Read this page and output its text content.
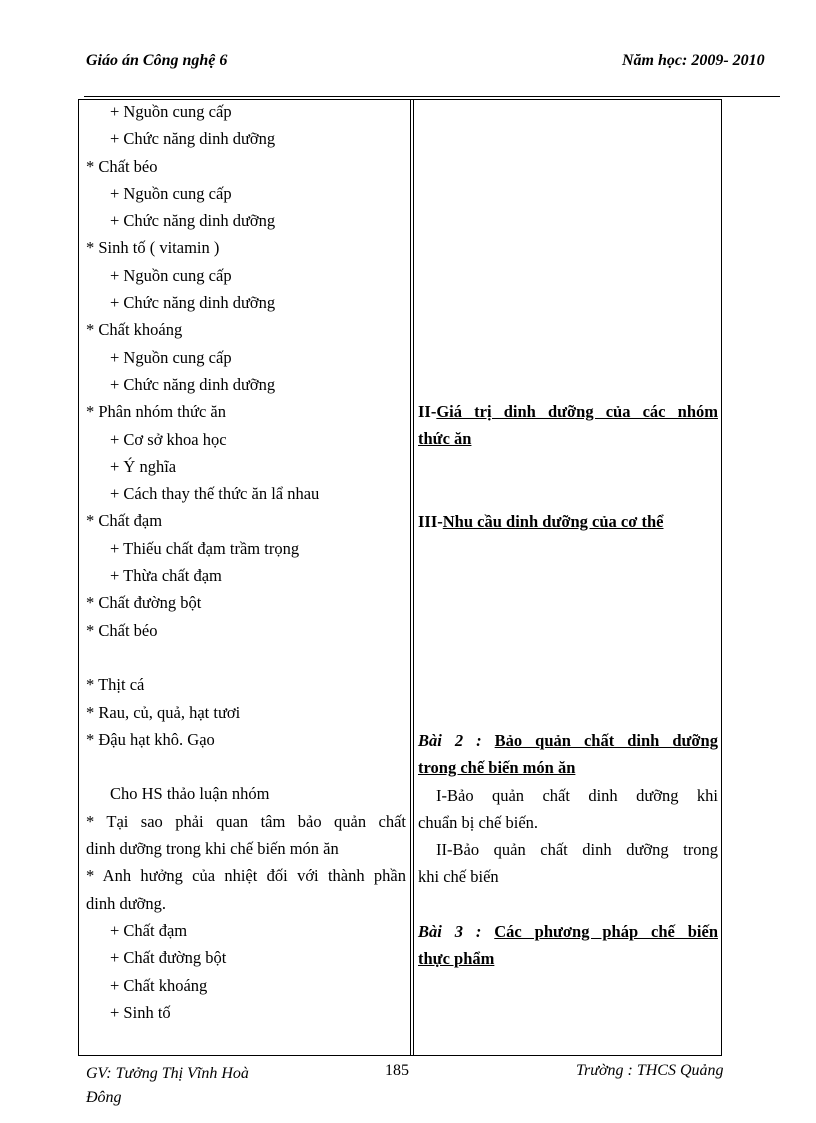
Giáo án Công nghệ 6	Năm học: 2009- 2010
+ Nguồn cung cấp
+ Chức năng dinh dưỡng
* Chất béo
+ Nguồn cung cấp
+ Chức năng dinh dưỡng
* Sinh tố ( vitamin )
+ Nguồn cung cấp
+ Chức năng dinh dưỡng
* Chất khoáng
+ Nguồn cung cấp
+ Chức năng dinh dưỡng
* Phân nhóm thức ăn
+ Cơ sở khoa học
+ Ý nghĩa
+ Cách thay thế thức ăn lẩ nhau
* Chất đạm
+ Thiếu chất đạm trầm trọng
+ Thừa chất đạm
* Chất đường bột
* Chất béo
* Thịt cá
* Rau, củ, quả, hạt tươi
* Đậu hạt khô. Gạo
Cho HS thảo luận nhóm
* Tại sao phải quan tâm bảo quản chất
dinh dưỡng trong khi chế biến món ăn
* Anh hưởng của nhiệt đối với thành phần
dinh dưỡng.
+ Chất đạm
+ Chất đường bột
+ Chất khoáng
+ Sinh tố
II-Giá trị dinh dưỡng của các nhóm
thức ăn
III-Nhu cầu dinh dưỡng của cơ thể
Bài 2 : Bảo quản chất dinh dưỡng
trong chế biến món ăn
I-Bảo quản chất dinh dưỡng khi
chuẩn bị chế biến.
II-Bảo quản chất dinh dưỡng trong
khi chế biến
Bài 3 : Các phương pháp chế biến
thực phẩm
GV: Tưởng Thị Vĩnh Hoà
Đông
185	Trường : THCS Quảng
